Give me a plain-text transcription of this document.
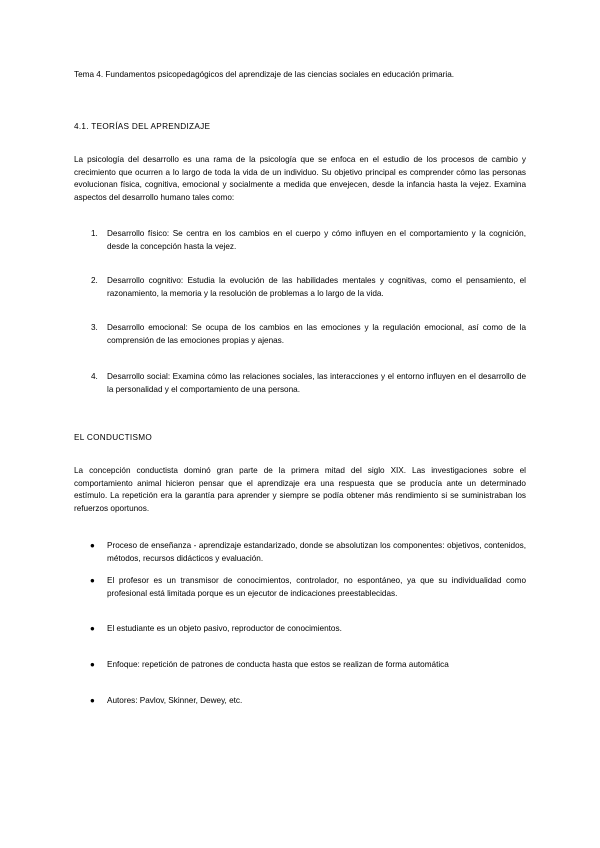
Tema 4. Fundamentos psicopedagógicos del aprendizaje de las ciencias sociales en educación primaria.
4.1. TEORÍAS DEL APRENDIZAJE
La psicología del desarrollo es una rama de la psicología que se enfoca en el estudio de los procesos de cambio y crecimiento que ocurren a lo largo de toda la vida de un individuo. Su objetivo principal es comprender cómo las personas evolucionan física, cognitiva, emocional y socialmente a medida que envejecen, desde la infancia hasta la vejez. Examina aspectos del desarrollo humano tales como:
1.	Desarrollo físico: Se centra en los cambios en el cuerpo y cómo influyen en el comportamiento y la cognición, desde la concepción hasta la vejez.
2.	Desarrollo cognitivo: Estudia la evolución de las habilidades mentales y cognitivas, como el pensamiento, el razonamiento, la memoria y la resolución de problemas a lo largo de la vida.
3.	Desarrollo emocional: Se ocupa de los cambios en las emociones y la regulación emocional, así como de la comprensión de las emociones propias y ajenas.
4.	Desarrollo social: Examina cómo las relaciones sociales, las interacciones y el entorno influyen en el desarrollo de la personalidad y el comportamiento de una persona.
EL CONDUCTISMO
La concepción conductista dominó gran parte de la primera mitad del siglo XIX. Las investigaciones sobre el comportamiento animal hicieron pensar que el aprendizaje era una respuesta que se producía ante un determinado estímulo. La repetición era la garantía para aprender y siempre se podía obtener más rendimiento si se suministraban los refuerzos oportunos.
●	Proceso de enseñanza - aprendizaje estandarizado, donde se absolutizan los componentes: objetivos, contenidos, métodos, recursos didácticos y evaluación.
●	El profesor es un transmisor de conocimientos, controlador, no espontáneo, ya que su individualidad como profesional está limitada porque es un ejecutor de indicaciones preestablecidas.
●	El estudiante es un objeto pasivo, reproductor de conocimientos.
●	Enfoque: repetición de patrones de conducta hasta que estos se realizan de forma automática
●	Autores: Pavlov, Skinner, Dewey, etc.
